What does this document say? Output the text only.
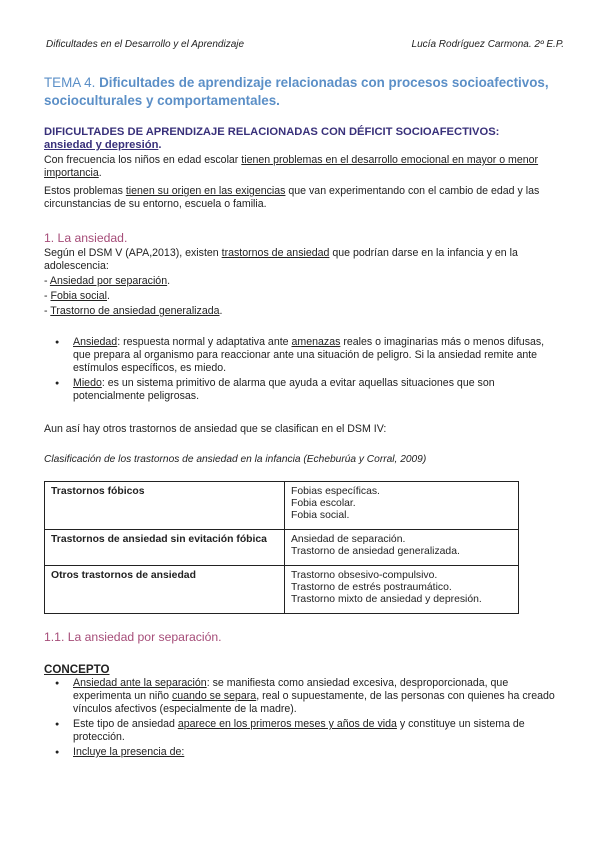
Dificultades en el Desarrollo y el Aprendizaje	Lucía Rodríguez Carmona. 2º E.P.
TEMA 4. Dificultades de aprendizaje relacionadas con procesos socioafectivos, socioculturales y comportamentales.
DIFICULTADES DE APRENDIZAJE RELACIONADAS CON DÉFICIT SOCIOAFECTIVOS:
ansiedad y depresión.

Con frecuencia los niños en edad escolar tienen problemas en el desarrollo emocional en mayor o menor importancia.

Estos problemas tienen su origen en las exigencias que van experimentando con el cambio de edad y las circunstancias de su entorno, escuela o familia.

1. La ansiedad.

Según el DSM V (APA,2013), existen trastornos de ansiedad que podrían darse en la infancia y en la adolescencia:

- Ansiedad por separación.
- Fobia social.
- Trastorno de ansiedad generalizada.
● Ansiedad: respuesta normal y adaptativa ante amenazas reales o imaginarias más o menos difusas, que prepara al organismo para reaccionar ante una situación de peligro. Si la ansiedad remite ante estímulos específicos, es miedo.
● Miedo: es un sistema primitivo de alarma que ayuda a evitar aquellas situaciones que son potencialmente peligrosas.
Aun así hay otros trastornos de ansiedad que se clasifican en el DSM IV:
Clasificación de los trastornos de ansiedad en la infancia (Echeburúa y Corral, 2009)
Trastornos fóbicos	Fobias específicas.
Fobia escolar.
Fobia social.

Trastornos de ansiedad sin evitación fóbica	Ansiedad de separación.
Trastorno de ansiedad generalizada.

Otros trastornos de ansiedad	Trastorno obsesivo-compulsivo.
Trastorno de estrés postraumático.
Trastorno mixto de ansiedad y depresión.
1.1. La ansiedad por separación.
CONCEPTO
● Ansiedad ante la separación: se manifiesta como ansiedad excesiva, desproporcionada, que experimenta un niño cuando se separa, real o supuestamente, de las personas con quienes ha creado vínculos afectivos (especialmente de la madre).
● Este tipo de ansiedad aparece en los primeros meses y años de vida y constituye un sistema de protección.
● Incluye la presencia de:
